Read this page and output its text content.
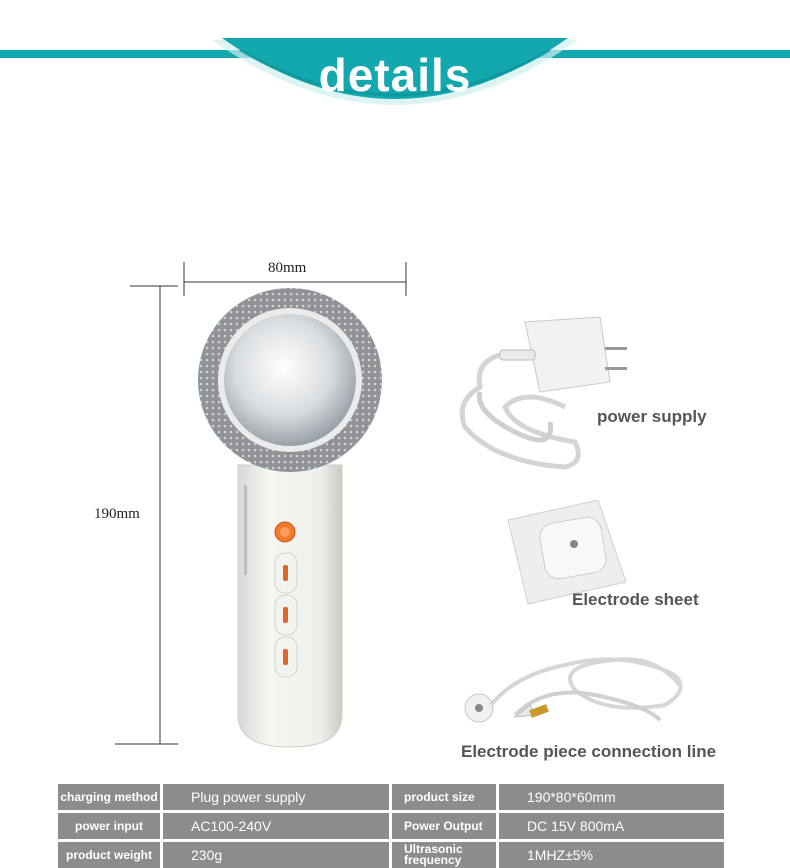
details
80mm
190mm
power supply
Electrode sheet
Electrode piece connection line
charging method	Plug power supply	product size	190*80*60mm
power input	AC100-240V	Power Output	DC 15V 800mA
product weight	230g	Ultrasonic frequency	1MHZ±5%
